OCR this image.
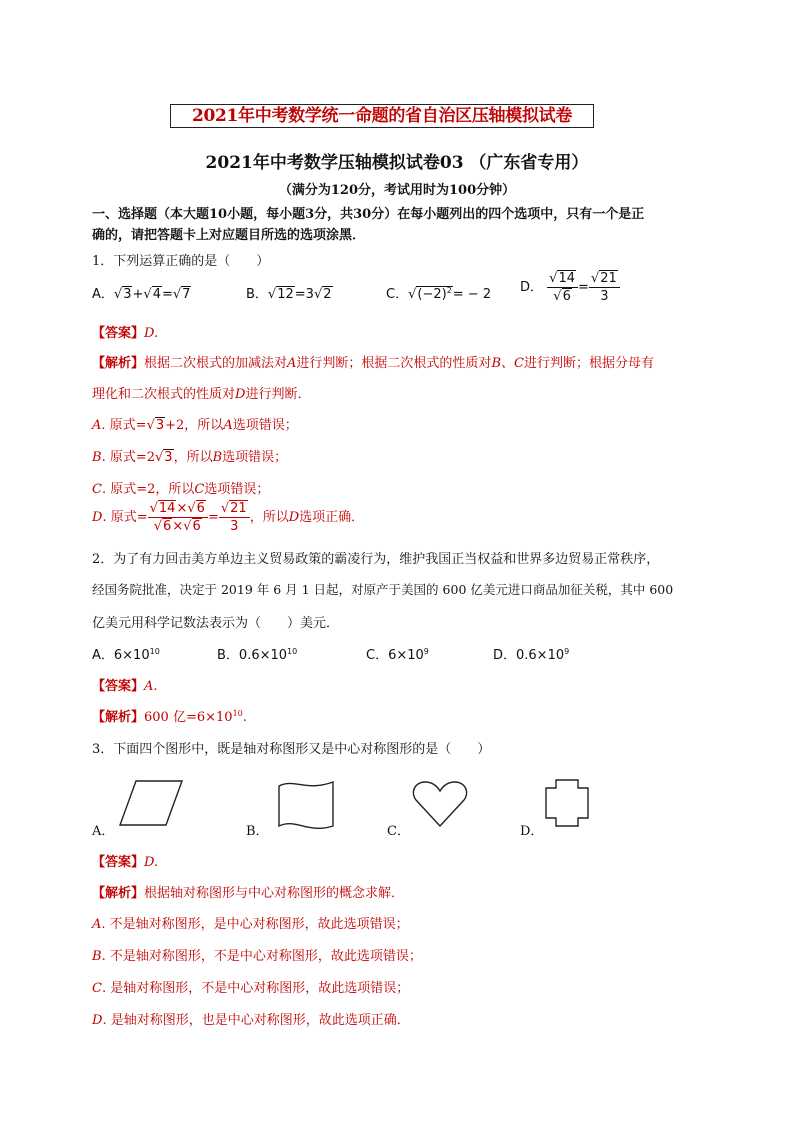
2021年中考数学统一命题的省自治区压轴模拟试卷
2021年中考数学压轴模拟试卷03 （广东省专用）
（满分为120分，考试用时为100分钟）
一、选择题（本大题10小题，每小题3分，共30分）在每小题列出的四个选项中，只有一个是正
确的，请把答题卡上对应题目所选的选项涂黑．
1．下列运算正确的是（　　）
A．√3+√4=√7	B．√12=3√2	C．$√(-2)^2= - 2$ D． $\frac{√14}{√6} = \frac{√21}{3}$
【答案】D.
【解析】根据二次根式的加减法对A进行判断；根据二次根式的性质对B、C进行判断；根据分母有
理化和二次根式的性质对D进行判断．
A. 原式=√3+2，所以A选项错误；
B. 原式=2√3，所以B选项错误；
C. 原式=2，所以C选项错误；
D. 原式= $\frac{√14\times√6}{√6\times√6} = \frac{√21}{3}$ ，所以D选项正确．
2．为了有力回击美方单边主义贸易政策的霸凌行为，维护我国正当权益和世界多边贸易正常秩序，
经国务院批准，决定于 2019 年 6 月 1 日起，对原产于美国的 600 亿美元进口商品加征关税，其中 600
亿美元用科学记数法表示为（　　）美元．
A．$6\times 10^{10}$	B．$0.6\times 10^{10}$	C．$6\times 10^9$	D．$0.6\times 10^9$
【答案】A.
【解析】600 亿$=6\times 10^{10}$.
3．下面四个图形中，既是轴对称图形又是中心对称图形的是（　　）
A．	B．	C．	D．
【答案】D.
【解析】根据轴对称图形与中心对称图形的概念求解．
A. 不是轴对称图形，是中心对称图形，故此选项错误；
B. 不是轴对称图形，不是中心对称图形，故此选项错误；
C. 是轴对称图形，不是中心对称图形，故此选项错误；
D. 是轴对称图形，也是中心对称图形，故此选项正确．
